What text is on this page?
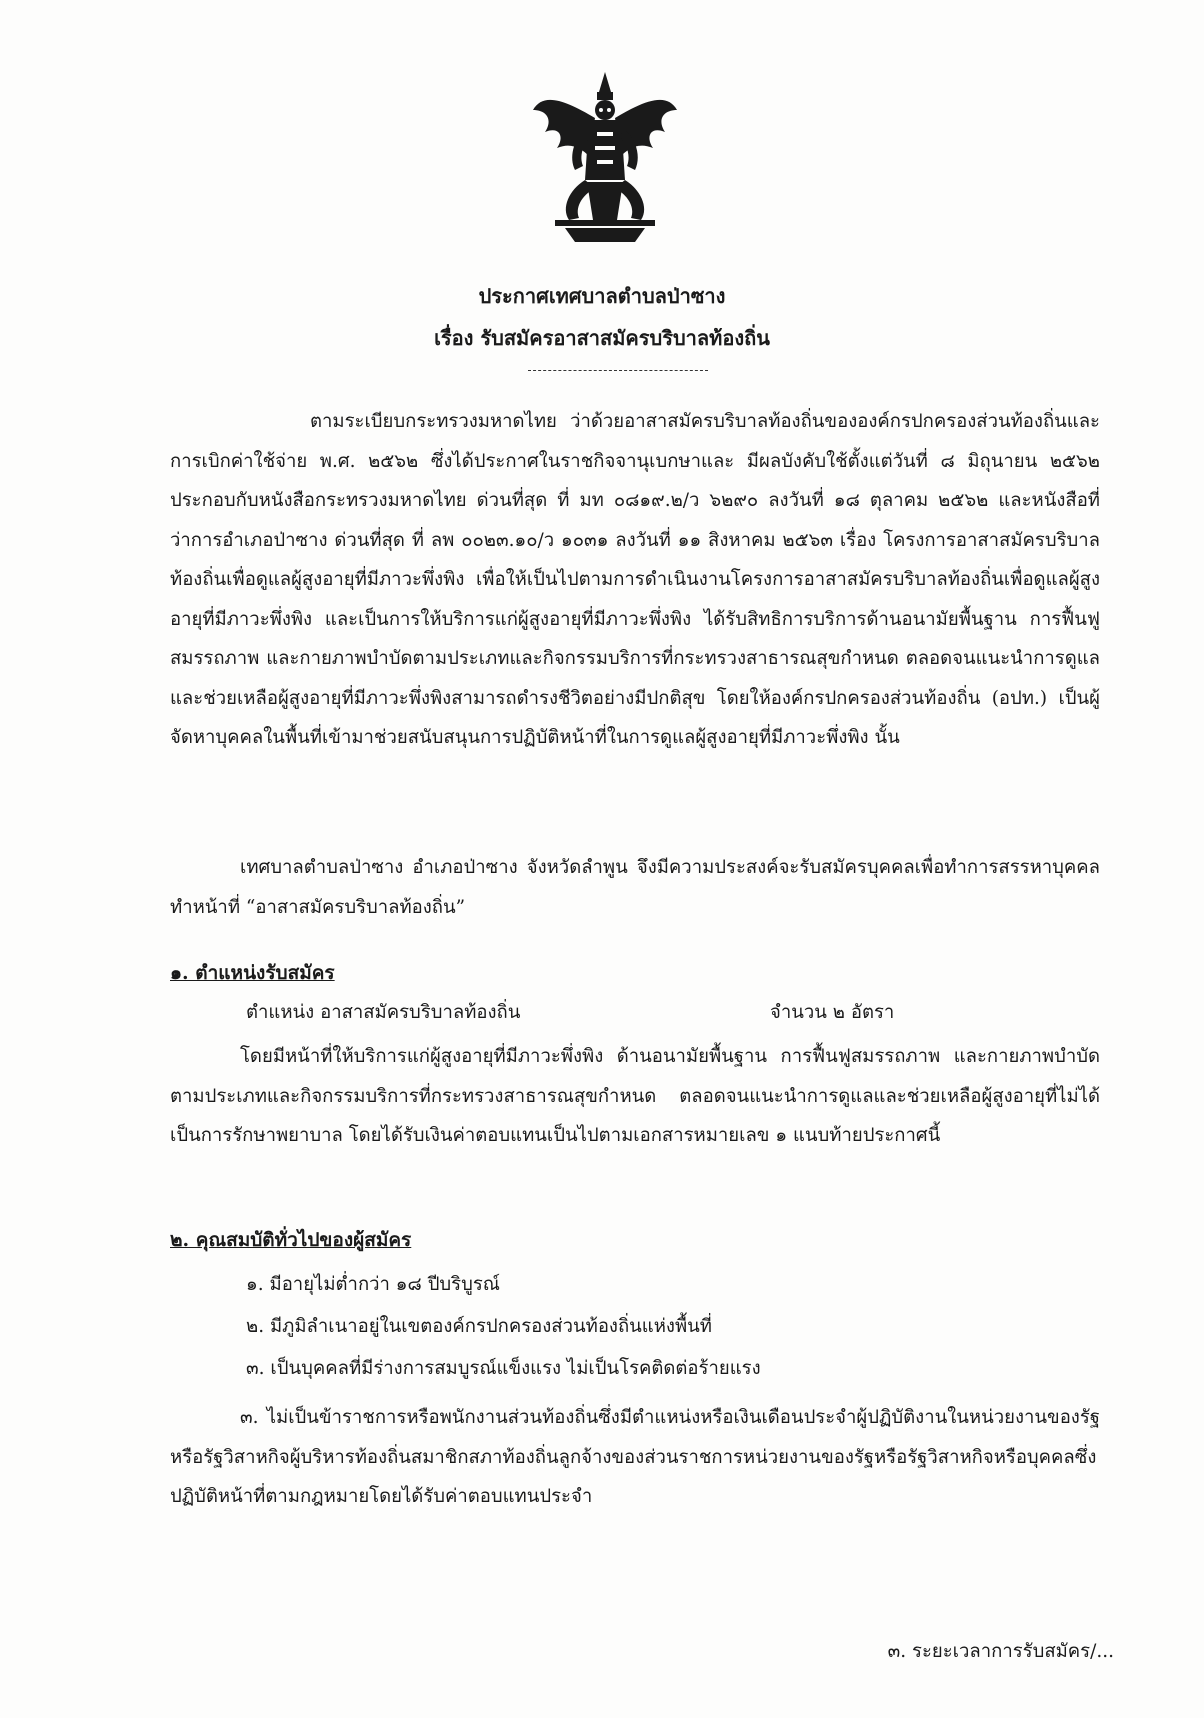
ประกาศเทศบาลตำบลป่าซาง
เรื่อง รับสมัครอาสาสมัครบริบาลท้องถิ่น
ตามระเบียบกระทรวงมหาดไทย ว่าด้วยอาสาสมัครบริบาลท้องถิ่นขององค์กรปกครองส่วนท้องถิ่นและการเบิกค่าใช้จ่าย พ.ศ. ๒๕๖๒ ซึ่งได้ประกาศในราชกิจจานุเบกษาและ มีผลบังคับใช้ตั้งแต่วันที่ ๘ มิถุนายน ๒๕๖๒ ประกอบกับหนังสือกระทรวงมหาดไทย ด่วนที่สุด ที่ มท ๐๘๑๙.๒/ว ๖๒๙๐ ลงวันที่ ๑๘ ตุลาคม ๒๕๖๒ และหนังสือที่ว่าการอำเภอป่าซาง ด่วนที่สุด ที่ ลพ ๐๐๒๓.๑๐/ว ๑๐๓๑ ลงวันที่ ๑๑ สิงหาคม ๒๕๖๓ เรื่อง โครงการอาสาสมัครบริบาลท้องถิ่นเพื่อดูแลผู้สูงอายุที่มีภาวะพึ่งพิง เพื่อให้เป็นไปตามการดำเนินงานโครงการอาสาสมัครบริบาลท้องถิ่นเพื่อดูแลผู้สูงอายุที่มีภาวะพึ่งพิง และเป็นการให้บริการแก่ผู้สูงอายุที่มีภาวะพึ่งพิง ได้รับสิทธิการบริการด้านอนามัยพื้นฐาน การฟื้นฟูสมรรถภาพ และกายภาพบำบัดตามประเภทและกิจกรรมบริการที่กระทรวงสาธารณสุขกำหนด ตลอดจนแนะนำการดูแลและช่วยเหลือผู้สูงอายุที่มีภาวะพึ่งพิงสามารถดำรงชีวิตอย่างมีปกติสุข โดยให้องค์กรปกครองส่วนท้องถิ่น (อปท.) เป็นผู้จัดหาบุคคลในพื้นที่เข้ามาช่วยสนับสนุนการปฏิบัติหน้าที่ในการดูแลผู้สูงอายุที่มีภาวะพึ่งพิง นั้น
เทศบาลตำบลป่าซาง อำเภอป่าซาง จังหวัดลำพูน จึงมีความประสงค์จะรับสมัครบุคคลเพื่อทำการสรรหาบุคคลทำหน้าที่ “อาสาสมัครบริบาลท้องถิ่น”
๑. ตำแหน่งรับสมัคร
ตำแหน่ง อาสาสมัครบริบาลท้องถิ่น	จำนวน ๒ อัตรา
โดยมีหน้าที่ให้บริการแก่ผู้สูงอายุที่มีภาวะพึ่งพิง ด้านอนามัยพื้นฐาน การฟื้นฟูสมรรถภาพ และกายภาพบำบัดตามประเภทและกิจกรรมบริการที่กระทรวงสาธารณสุขกำหนด ตลอดจนแนะนำการดูแลและช่วยเหลือผู้สูงอายุที่ไม่ได้เป็นการรักษาพยาบาล โดยได้รับเงินค่าตอบแทนเป็นไปตามเอกสารหมายเลข ๑ แนบท้ายประกาศนี้
๒. คุณสมบัติทั่วไปของผู้สมัคร
๑. มีอายุไม่ต่ำกว่า ๑๘ ปีบริบูรณ์
๒. มีภูมิลำเนาอยู่ในเขตองค์กรปกครองส่วนท้องถิ่นแห่งพื้นที่
๓. เป็นบุคคลที่มีร่างการสมบูรณ์แข็งแรง ไม่เป็นโรคติดต่อร้ายแรง
๓. ไม่เป็นข้าราชการหรือพนักงานส่วนท้องถิ่นซึ่งมีตำแหน่งหรือเงินเดือนประจำผู้ปฏิบัติงานในหน่วยงานของรัฐหรือรัฐวิสาหกิจผู้บริหารท้องถิ่นสมาชิกสภาท้องถิ่นลูกจ้างของส่วนราชการหน่วยงานของรัฐหรือรัฐวิสาหกิจหรือบุคคลซึ่งปฏิบัติหน้าที่ตามกฎหมายโดยได้รับค่าตอบแทนประจำ
๓. ระยะเวลาการรับสมัคร/...
